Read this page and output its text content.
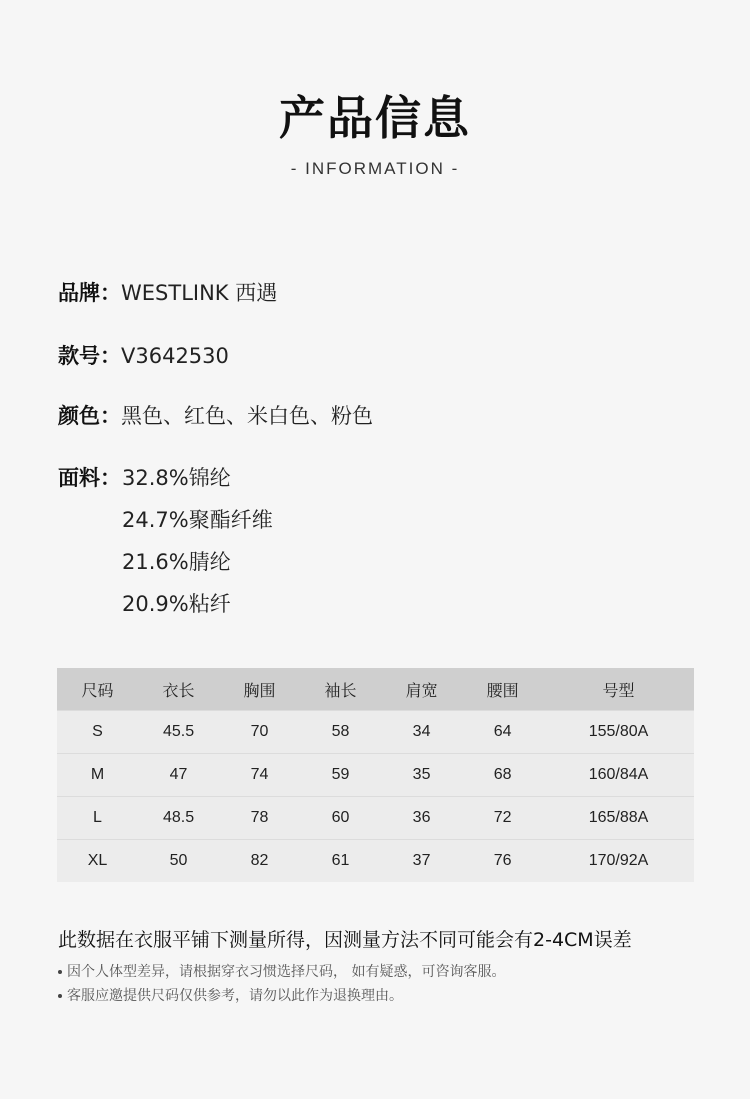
产品信息
- INFORMATION -
品牌：WESTLINK 西遇
款号：V3642530
颜色：黑色、红色、米白色、粉色
面料： 32.8%锦纶
24.7%聚酯纤维
21.6%腈纶
20.9%粘纤
尺码	衣长	胸围	袖长	肩宽	腰围	号型
S	45.5	70	58	34	64	155/80A
M	47	74	59	35	68	160/84A
L	48.5	78	60	36	72	165/88A
XL	50	82	61	37	76	170/92A
此数据在衣服平铺下测量所得，因测量方法不同可能会有2-4CM误差
因个人体型差异，请根据穿衣习惯选择尺码， 如有疑惑，可咨询客服。
客服应邀提供尺码仅供参考，请勿以此作为退换理由。
